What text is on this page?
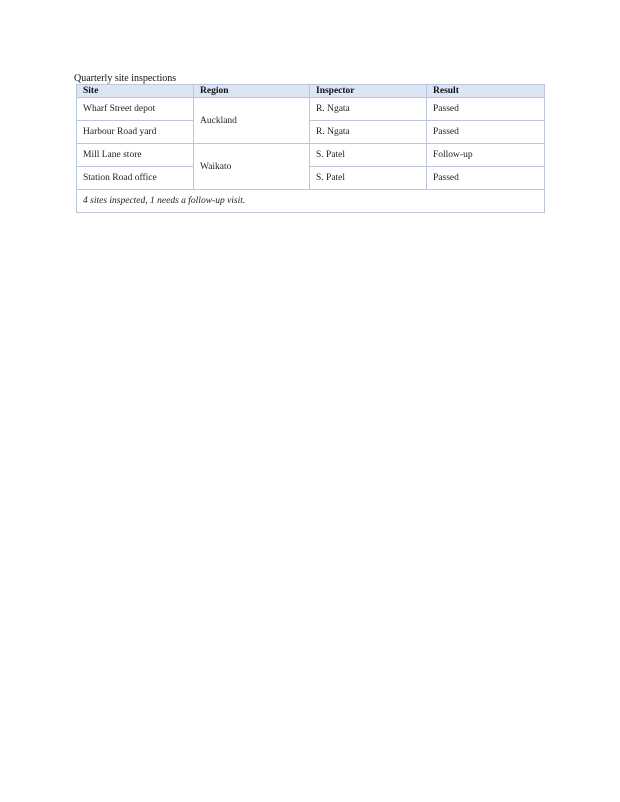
Quarterly site inspections
Site	Region	Inspector	Result
Wharf Street depot	Auckland	R. Ngata	Passed
Harbour Road yard		R. Ngata	Passed
Mill Lane store	Waikato	S. Patel	Follow-up
Station Road office		S. Patel	Passed
4 sites inspected, 1 needs a follow-up visit.			
